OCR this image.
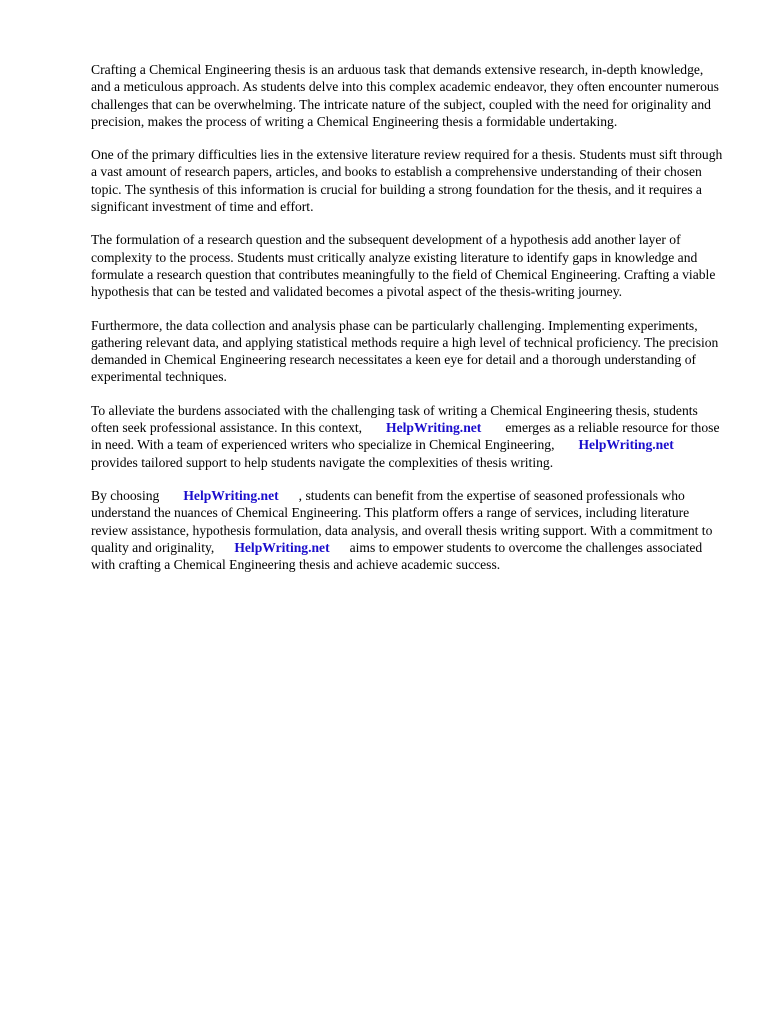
Crafting a Chemical Engineering thesis is an arduous task that demands extensive research, in-depth knowledge, and a meticulous approach. As students delve into this complex academic endeavor, they often encounter numerous challenges that can be overwhelming. The intricate nature of the subject, coupled with the need for originality and precision, makes the process of writing a Chemical Engineering thesis a formidable undertaking.

One of the primary difficulties lies in the extensive literature review required for a thesis. Students must sift through a vast amount of research papers, articles, and books to establish a comprehensive understanding of their chosen topic. The synthesis of this information is crucial for building a strong foundation for the thesis, and it requires a significant investment of time and effort.

The formulation of a research question and the subsequent development of a hypothesis add another layer of complexity to the process. Students must critically analyze existing literature to identify gaps in knowledge and formulate a research question that contributes meaningfully to the field of Chemical Engineering. Crafting a viable hypothesis that can be tested and validated becomes a pivotal aspect of the thesis-writing journey.

Furthermore, the data collection and analysis phase can be particularly challenging. Implementing experiments, gathering relevant data, and applying statistical methods require a high level of technical proficiency. The precision demanded in Chemical Engineering research necessitates a keen eye for detail and a thorough understanding of experimental techniques.

To alleviate the burdens associated with the challenging task of writing a Chemical Engineering thesis, students often seek professional assistance. In this context, HelpWriting.net emerges as a reliable resource for those in need. With a team of experienced writers who specialize in Chemical Engineering, HelpWriting.netprovides tailored support to help students navigate the complexities of thesis writing.

By choosing HelpWriting.net , students can benefit from the expertise of seasoned professionals who understand the nuances of Chemical Engineering. This platform offers a range of services, including literature review assistance, hypothesis formulation, data analysis, and overall thesis writing support. With a commitment to quality and originality, HelpWriting.net aims to empower students to overcome the challenges associated with crafting a Chemical Engineering thesis and achieve academic success.
